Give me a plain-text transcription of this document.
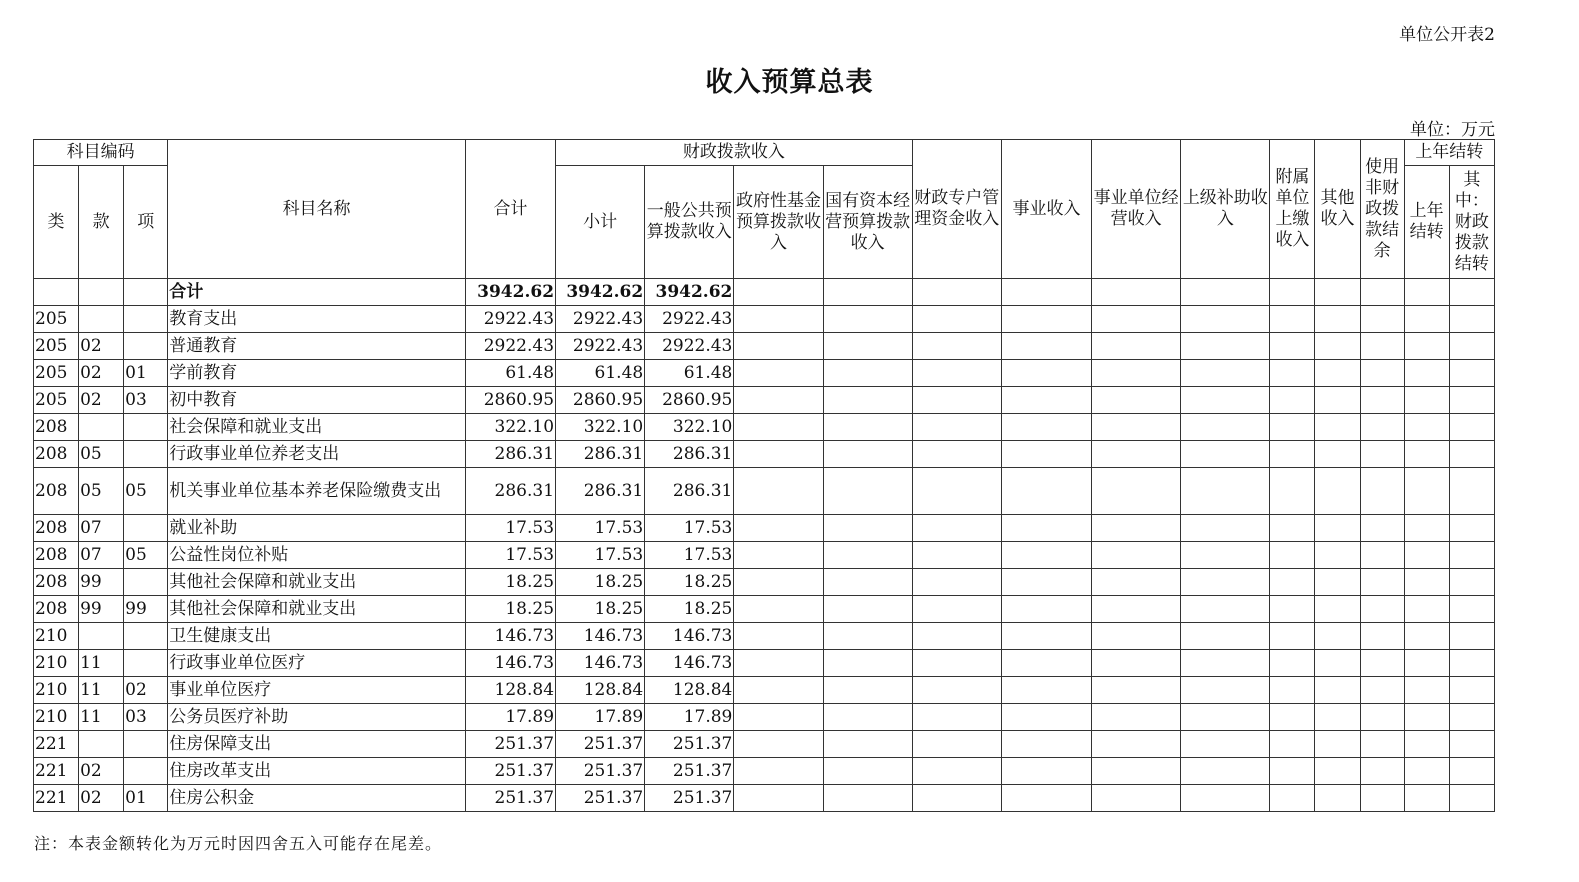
单位公开表2
收入预算总表
单位：万元
科目编码			科目名称	合计	财政拨款收入				财政专户管理资金收入	事业收入	事业单位经营收入	上级补助收入	附属单位上缴收入	其他收入	使用非财政拨款结余	上年结转	
类	款	项			小计	一般公共预算拨款收入	政府性基金预算拨款收入	国有资本经营预算拨款收入								上年结转	其中：财政拨款结转
			合计	3942.62	3942.62	3942.62											
205			教育支出	2922.43	2922.43	2922.43											
205	02		普通教育	2922.43	2922.43	2922.43											
205	02	01	学前教育	61.48	61.48	61.48											
205	02	03	初中教育	2860.95	2860.95	2860.95											
208			社会保障和就业支出	322.10	322.10	322.10											
208	05		行政事业单位养老支出	286.31	286.31	286.31											
208	05	05	机关事业单位基本养老保险缴费支出	286.31	286.31	286.31											
208	07		就业补助	17.53	17.53	17.53											
208	07	05	公益性岗位补贴	17.53	17.53	17.53											
208	99		其他社会保障和就业支出	18.25	18.25	18.25											
208	99	99	其他社会保障和就业支出	18.25	18.25	18.25											
210			卫生健康支出	146.73	146.73	146.73											
210	11		行政事业单位医疗	146.73	146.73	146.73											
210	11	02	事业单位医疗	128.84	128.84	128.84											
210	11	03	公务员医疗补助	17.89	17.89	17.89											
221			住房保障支出	251.37	251.37	251.37											
221	02		住房改革支出	251.37	251.37	251.37											
221	02	01	住房公积金	251.37	251.37	251.37											
注：本表金额转化为万元时因四舍五入可能存在尾差。
